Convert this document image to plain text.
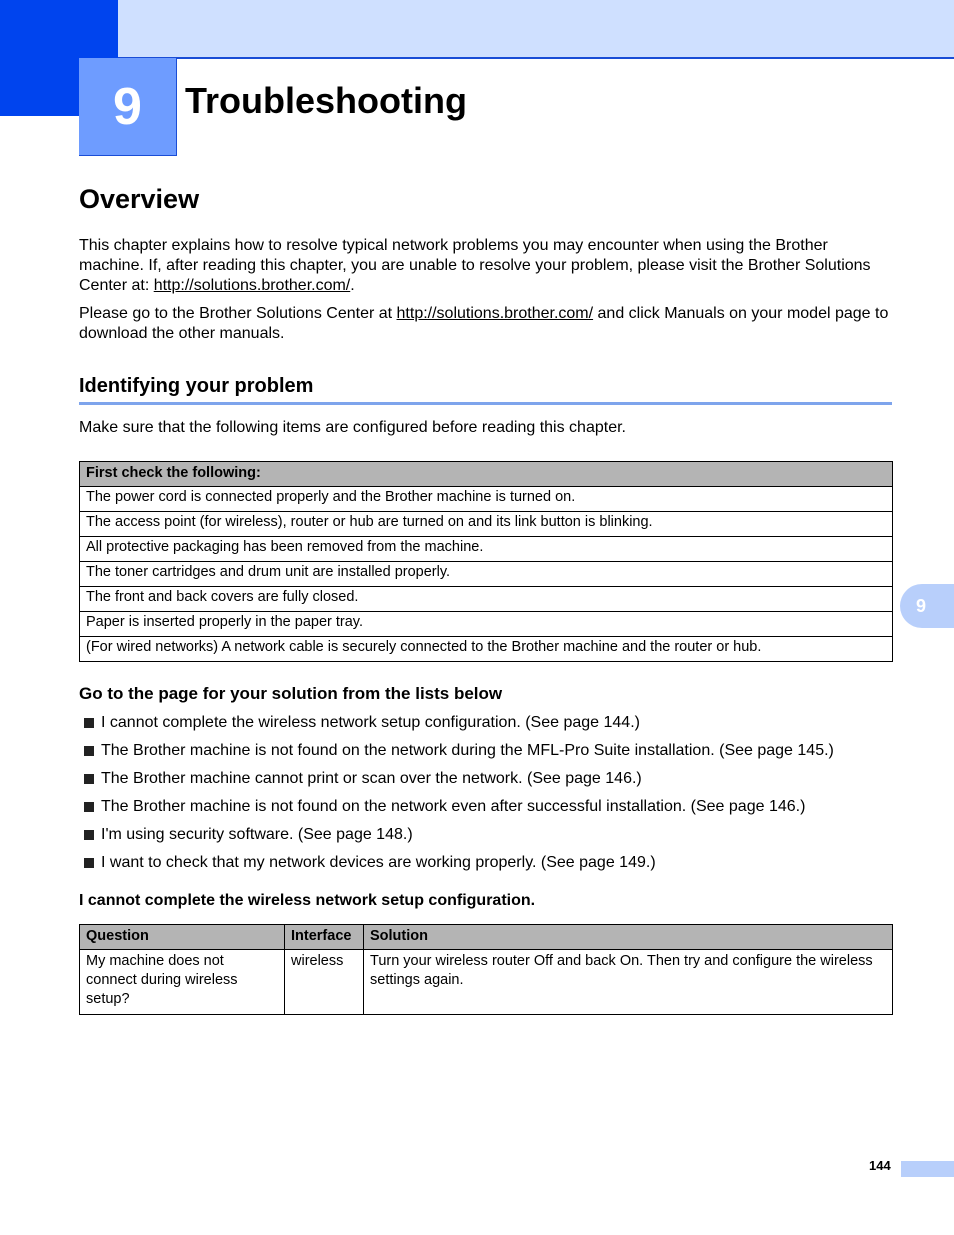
9	Troubleshooting
Overview

This chapter explains how to resolve typical network problems you may encounter when using the Brother machine. If, after reading this chapter, you are unable to resolve your problem, please visit the Brother Solutions Center at: http://solutions.brother.com/.

Please go to the Brother Solutions Center at http://solutions.brother.com/ and click Manuals on your model page to download the other manuals.

Identifying your problem

Make sure that the following items are configured before reading this chapter.

First check the following:
The power cord is connected properly and the Brother machine is turned on.
The access point (for wireless), router or hub are turned on and its link button is blinking.
All protective packaging has been removed from the machine.
The toner cartridges and drum unit are installed properly.
The front and back covers are fully closed.
Paper is inserted properly in the paper tray.
(For wired networks) A network cable is securely connected to the Brother machine and the router or hub.
9
Go to the page for your solution from the lists below
I cannot complete the wireless network setup configuration. (See page 144.)
The Brother machine is not found on the network during the MFL-Pro Suite installation. (See page 145.)
The Brother machine cannot print or scan over the network. (See page 146.)
The Brother machine is not found on the network even after successful installation. (See page 146.)
I'm using security software. (See page 148.)
I want to check that my network devices are working properly. (See page 149.)
I cannot complete the wireless network setup configuration.
Question	Interface	Solution
My machine does not connect during wireless setup?	wireless	Turn your wireless router Off and back On. Then try and configure the wireless settings again.
144
